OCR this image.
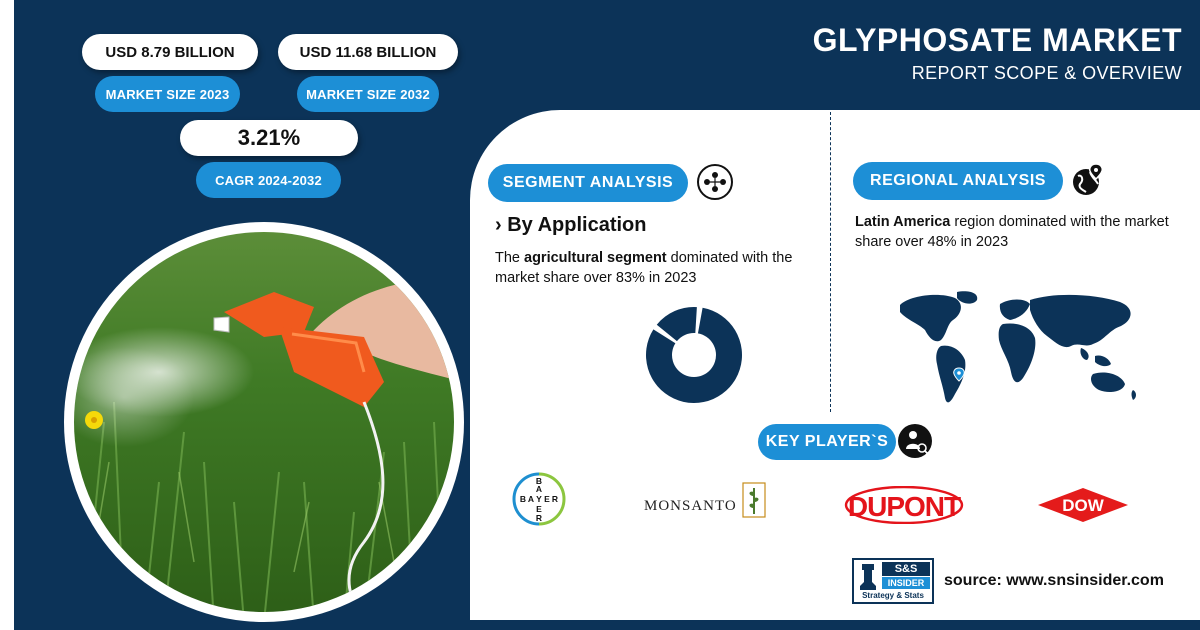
USD 8.79 BILLION
MARKET SIZE 2023
USD 11.68 BILLION
MARKET SIZE 2032
3.21%
CAGR 2024-2032
GLYPHOSATE MARKET
REPORT SCOPE & OVERVIEW
SEGMENT ANALYSIS
› By Application
The agricultural segment dominated with the market share over 83% in 2023
REGIONAL ANALYSIS
Latin America region dominated with the market share over 48% in 2023
KEY PLAYER`S
B
A
Y
E
R
B A E R	MONSANTO	DUPONT	DOW
S&S
INSIDER
Strategy & Stats
source: www.snsinsider.com
